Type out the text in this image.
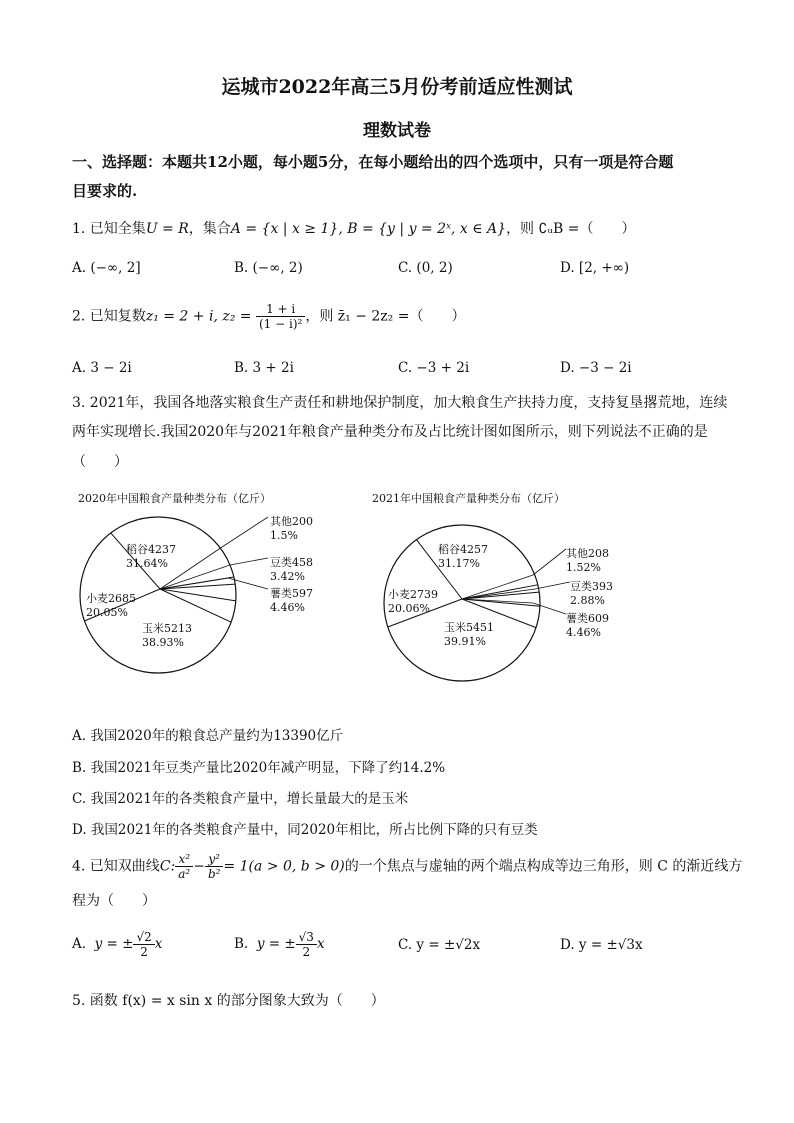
运城市2022年高三5月份考前适应性测试
理数试卷
一、选择题：本题共12小题，每小题5分，在每小题给出的四个选项中，只有一项是符合题
目要求的.
1. 已知全集U = R，集合A = {x | x ≥ 1}, B = {y | y = 2ˣ, x ∈ A}，则 ∁ᵤB =（　　）
A. (−∞, 2]	B. (−∞, 2)	C. (0, 2)	D. [2, +∞)
2. 已知复数z₁ = 2 + i, $z_2 = \frac{1 + i}{\text{(1 − i)²}}$ ，则 z̄₁ − 2z₂ =（　　）
A. 3 − 2i	B. 3 + 2i	C. −3 + 2i	D. −3 − 2i
3. 2021年，我国各地落实粮食生产责任和耕地保护制度，加大粮食生产扶持力度，支持复垦撂荒地，连续
两年实现增长.我国2020年与2021年粮食产量种类分布及占比统计图如图所示，则下列说法不正确的是
（　　）
2020年中国粮食产量种类分布（亿斤）	2021年中国粮食产量种类分布（亿斤）
稻谷4237
31.64%
小麦2685
20.05%
玉米5213
38.93%
薯类597
4.46%
豆类458
3.42%
其他200
1.5%
稻谷4257
31.17%
小麦2739
20.06%
玉米5451
39.91%
薯类609
4.46%
豆类393
2.88%
其他208
1.52%
A. 我国2020年的粮食总产量约为13390亿斤
B. 我国2021年豆类产量比2020年减产明显，下降了约14.2%
C. 我国2021年的各类粮食产量中，增长量最大的是玉米
D. 我国2021年的各类粮食产量中，同2020年相比，所占比例下降的只有豆类
4. 已知双曲线C: $\frac{\text{x²}}{\text{a²}} - \frac{\text{y²}}{\text{b²}} = 1(a > 0$, b > 0)的一个焦点与虚轴的两个端点构成等边三角形，则 C 的渐近线方
程为（　　）
A. y = ± $\frac{√2}{2}$ x	B. y = ± $\frac{√3}{2}$ x	C. y = ±√2x	D. y = ±√3x
5. 函数 f(x) = x sin x 的部分图象大致为（　　）
